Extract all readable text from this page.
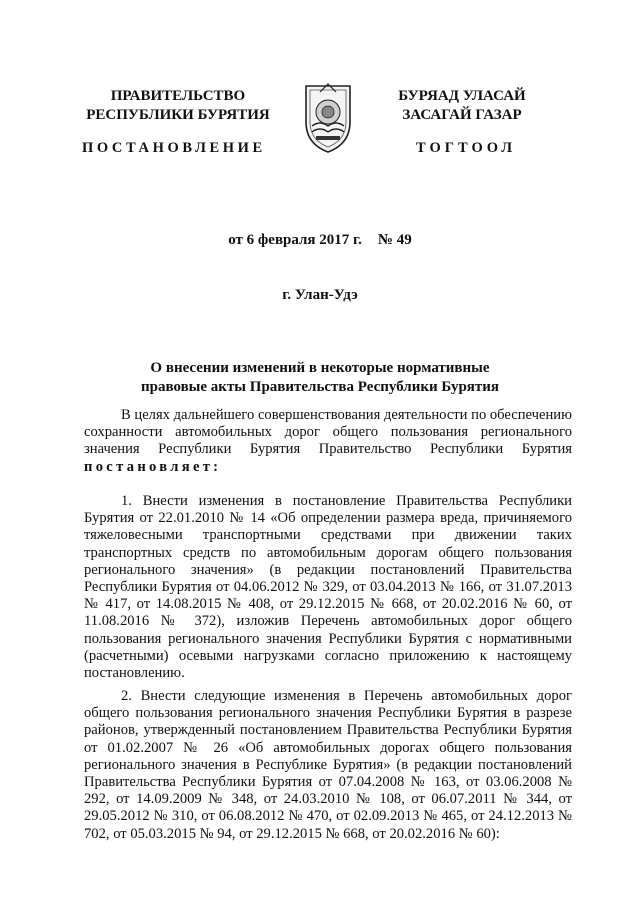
ПРАВИТЕЛЬСТВО
РЕСПУБЛИКИ БУРЯТИЯ
БУРЯАД УЛАСАЙ
ЗАСАГАЙ ГАЗАР
ПОСТАНОВЛЕНИЕ	ТОГТООЛ
от 6 февраля 2017 г. № 49
г. Улан-Удэ
О внесении изменений в некоторые нормативные
правовые акты Правительства Республики Бурятия

В целях дальнейшего совершенствования деятельности по обеспечению сохранности автомобильных дорог общего пользования регионального значения Республики Бурятия Правительство Республики Бурятия постановляет:

1. Внести изменения в постановление Правительства Республики Бурятия от 22.01.2010 № 14 «Об определении размера вреда, причиняемого тяжеловесными транспортными средствами при движении таких транспортных средств по автомобильным дорогам общего пользования регионального значения» (в редакции постановлений Правительства Республики Бурятия от 04.06.2012 № 329, от 03.04.2013 № 166, от 31.07.2013 № 417, от 14.08.2015 № 408, от 29.12.2015 № 668, от 20.02.2016 № 60, от 11.08.2016 № 372), изложив Перечень автомобильных дорог общего пользования регионального значения Республики Бурятия с нормативными (расчетными) осевыми нагрузками согласно приложению к настоящему постановлению.

2. Внести следующие изменения в Перечень автомобильных дорог общего пользования регионального значения Республики Бурятия в разрезе районов, утвержденный постановлением Правительства Республики Бурятия от 01.02.2007 № 26 «Об автомобильных дорогах общего пользования регионального значения в Республике Бурятия» (в редакции постановлений Правительства Республики Бурятия от 07.04.2008 № 163, от 03.06.2008 № 292, от 14.09.2009 № 348, от 24.03.2010 № 108, от 06.07.2011 № 344, от 29.05.2012 № 310, от 06.08.2012 № 470, от 02.09.2013 № 465, от 24.12.2013 № 702, от 05.03.2015 № 94, от 29.12.2015 № 668, от 20.02.2016 № 60):
